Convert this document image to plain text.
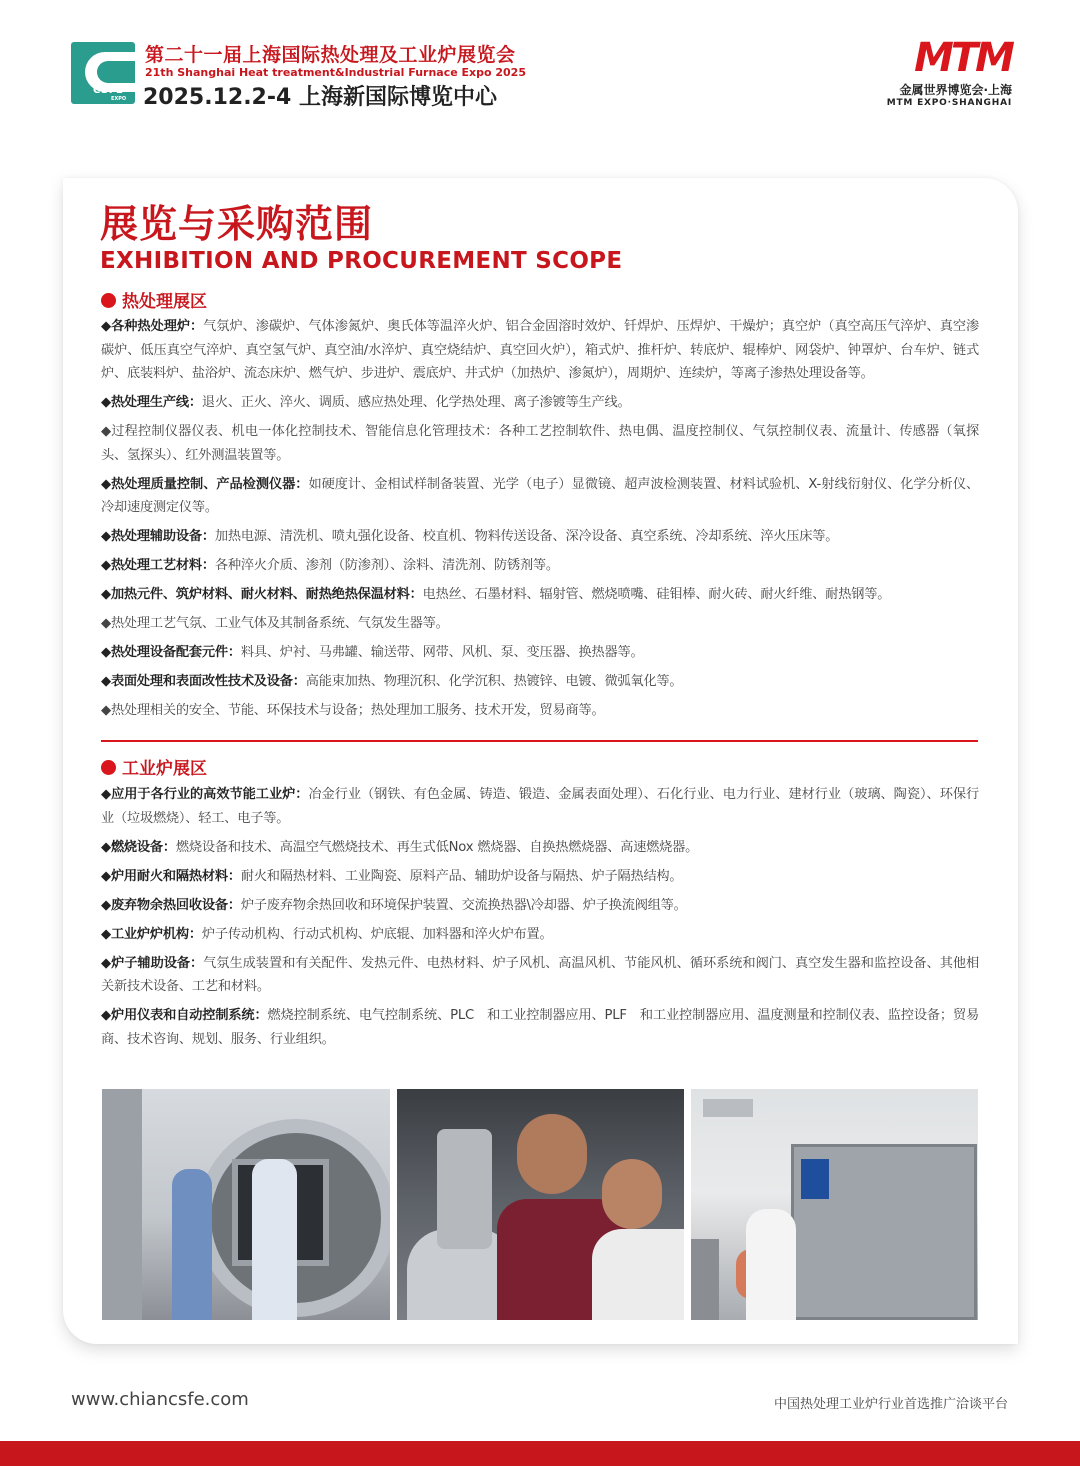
CSFE
EXPO
第二十一届上海国际热处理及工业炉展览会
21th Shanghai Heat treatment&Industrial Furnace Expo 2025
2025.12.2-4 上海新国际博览中心
MTM
金属世界博览会·上海
MTM EXPO·SHANGHAI
展览与采购范围
EXHIBITION AND PROCUREMENT SCOPE
热处理展区
◆各种热处理炉：气氛炉、渗碳炉、气体渗氮炉、奥氏体等温淬火炉、铝合金固溶时效炉、钎焊炉、压焊炉、干燥炉；真空炉（真空高压气淬炉、真空渗碳炉、低压真空气淬炉、真空氢气炉、真空油/水淬炉、真空烧结炉、真空回火炉），箱式炉、推杆炉、转底炉、辊棒炉、网袋炉、钟罩炉、台车炉、链式炉、底装料炉、盐浴炉、流态床炉、燃气炉、步进炉、震底炉、井式炉（加热炉、渗氮炉），周期炉、连续炉，等离子渗热处理设备等。
◆热处理生产线：退火、正火、淬火、调质、感应热处理、化学热处理、离子渗镀等生产线。
◆过程控制仪器仪表、机电一体化控制技术、智能信息化管理技术：各种工艺控制软件、热电偶、温度控制仪、气氛控制仪表、流量计、传感器（氧探头、氢探头）、红外测温装置等。
◆热处理质量控制、产品检测仪器：如硬度计、金相试样制备装置、光学（电子）显微镜、超声波检测装置、材料试验机、X-射线衍射仪、化学分析仪、冷却速度测定仪等。
◆热处理辅助设备：加热电源、清洗机、喷丸强化设备、校直机、物料传送设备、深冷设备、真空系统、冷却系统、淬火压床等。
◆热处理工艺材料：各种淬火介质、渗剂（防渗剂）、涂料、清洗剂、防锈剂等。
◆加热元件、筑炉材料、耐火材料、耐热绝热保温材料：电热丝、石墨材料、辐射管、燃烧喷嘴、硅钼棒、耐火砖、耐火纤维、耐热钢等。
◆热处理工艺气氛、工业气体及其制备系统、气氛发生器等。
◆热处理设备配套元件：料具、炉衬、马弗罐、输送带、网带、风机、泵、变压器、换热器等。
◆表面处理和表面改性技术及设备：高能束加热、物理沉积、化学沉积、热镀锌、电镀、微弧氧化等。
◆热处理相关的安全、节能、环保技术与设备；热处理加工服务、技术开发，贸易商等。
工业炉展区
◆应用于各行业的高效节能工业炉：冶金行业（钢铁、有色金属、铸造、锻造、金属表面处理）、石化行业、电力行业、建材行业（玻璃、陶瓷）、环保行业（垃圾燃烧）、轻工、电子等。
◆燃烧设备：燃烧设备和技术、高温空气燃烧技术、再生式低Nox 燃烧器、自换热燃烧器、高速燃烧器。
◆炉用耐火和隔热材料：耐火和隔热材料、工业陶瓷、原料产品、辅助炉设备与隔热、炉子隔热结构。
◆废弃物余热回收设备：炉子废弃物余热回收和环境保护装置、交流换热器\冷却器、炉子换流阀组等。
◆工业炉炉机构：炉子传动机构、行动式机构、炉底辊、加料器和淬火炉布置。
◆炉子辅助设备：气氛生成装置和有关配件、发热元件、电热材料、炉子风机、高温风机、节能风机、循环系统和阀门、真空发生器和监控设备、其他相关新技术设备、工艺和材料。
◆炉用仪表和自动控制系统：燃烧控制系统、电气控制系统、PLC　和工业控制器应用、PLF　和工业控制器应用、温度测量和控制仪表、监控设备；贸易商、技术咨询、规划、服务、行业组织。
www.chiancsfe.com	中国热处理工业炉行业首选推广洽谈平台
